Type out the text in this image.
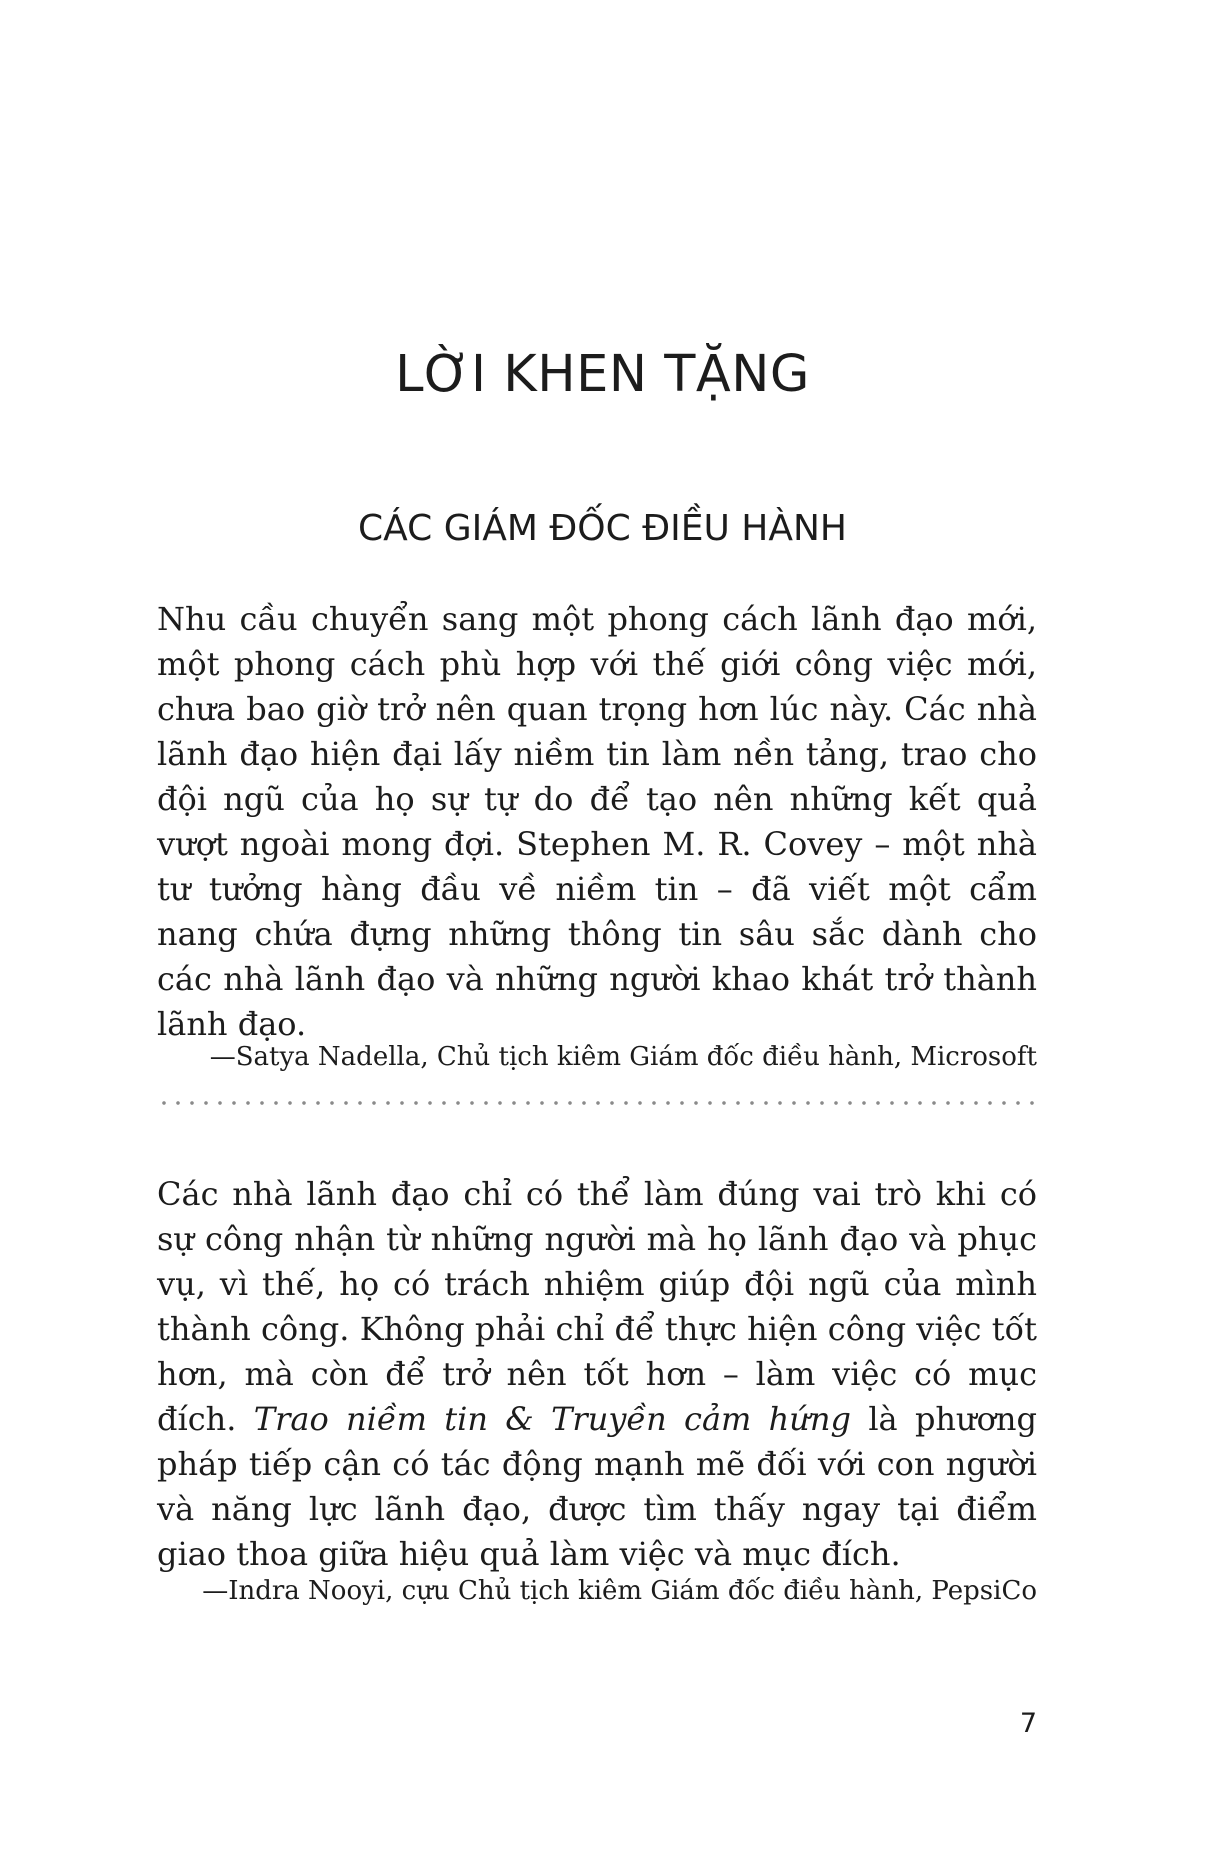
LỜI KHEN TẶNG
CÁC GIÁM ĐỐC ĐIỀU HÀNH

Nhu cầu chuyển sang một phong cách lãnh đạo mới, một phong cách phù hợp với thế giới công việc mới, chưa bao giờ trở nên quan trọng hơn lúc này. Các nhà lãnh đạo hiện đại lấy niềm tin làm nền tảng, trao cho đội ngũ của họ sự tự do để tạo nên những kết quả vượt ngoài mong đợi. Stephen M. R. Covey – một nhà tư tưởng hàng đầu về niềm tin – đã viết một cẩm nang chứa đựng những thông tin sâu sắc dành cho các nhà lãnh đạo và những người khao khát trở thành lãnh đạo.

—Satya Nadella, Chủ tịch kiêm Giám đốc điều hành, Microsoft

Các nhà lãnh đạo chỉ có thể làm đúng vai trò khi có sự công nhận từ những người mà họ lãnh đạo và phục vụ, vì thế, họ có trách nhiệm giúp đội ngũ của mình thành công. Không phải chỉ để thực hiện công việc tốt hơn, mà còn để trở nên tốt hơn – làm việc có mục đích. Trao niềm tin & Truyền cảm hứng là phương pháp tiếp cận có tác động mạnh mẽ đối với con người và năng lực lãnh đạo, được tìm thấy ngay tại điểm giao thoa giữa hiệu quả làm việc và mục đích.

—Indra Nooyi, cựu Chủ tịch kiêm Giám đốc điều hành, PepsiCo

7
